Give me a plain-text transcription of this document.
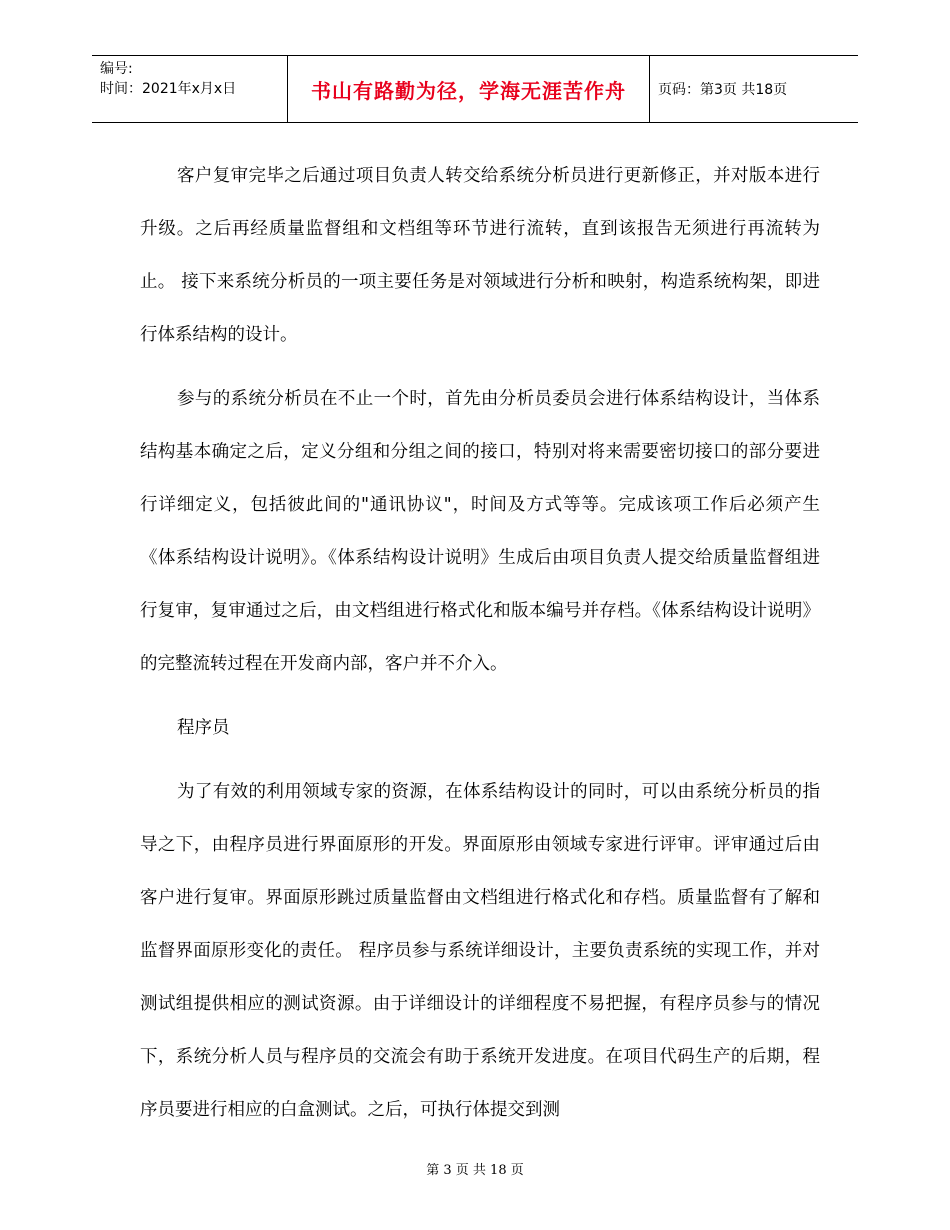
编号:
时间：2021年x月x日	书山有路勤为径，学海无涯苦作舟	页码：第3页 共18页

客户复审完毕之后通过项目负责人转交给系统分析员进行更新修正，并对版本进行升级。之后再经质量监督组和文档组等环节进行流转，直到该报告无须进行再流转为止。 接下来系统分析员的一项主要任务是对领域进行分析和映射，构造系统构架，即进行体系结构的设计。

参与的系统分析员在不止一个时，首先由分析员委员会进行体系结构设计，当体系结构基本确定之后，定义分组和分组之间的接口，特别对将来需要密切接口的部分要进行详细定义，包括彼此间的"通讯协议"，时间及方式等等。完成该项工作后必须产生《体系结构设计说明》。《体系结构设计说明》生成后由项目负责人提交给质量监督组进行复审，复审通过之后，由文档组进行格式化和版本编号并存档。《体系结构设计说明》的完整流转过程在开发商内部，客户并不介入。

程序员

为了有效的利用领域专家的资源，在体系结构设计的同时，可以由系统分析员的指导之下，由程序员进行界面原形的开发。界面原形由领域专家进行评审。评审通过后由客户进行复审。界面原形跳过质量监督由文档组进行格式化和存档。质量监督有了解和监督界面原形变化的责任。 程序员参与系统详细设计，主要负责系统的实现工作，并对测试组提供相应的测试资源。由于详细设计的详细程度不易把握，有程序员参与的情况下，系统分析人员与程序员的交流会有助于系统开发进度。在项目代码生产的后期，程序员要进行相应的白盒测试。之后，可执行体提交到测

第 3 页 共 18 页
